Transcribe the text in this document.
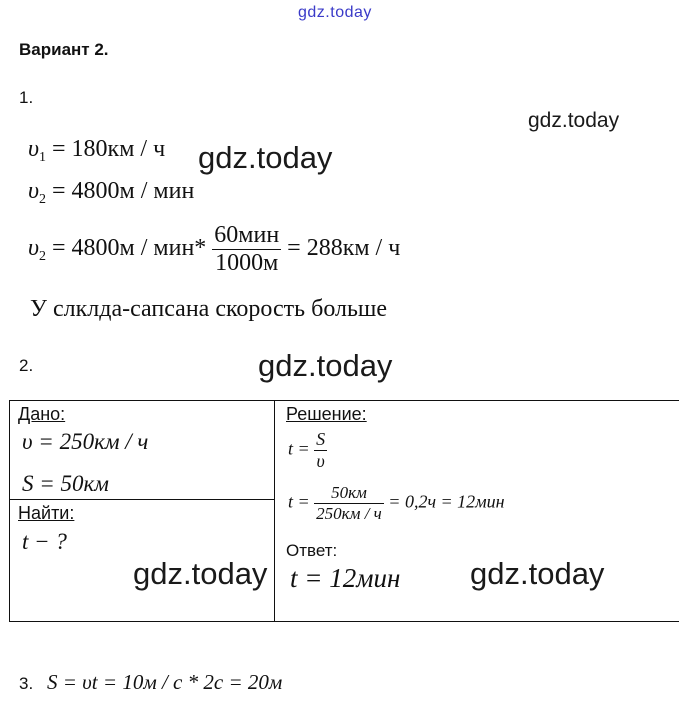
gdz.today
Вариант 2.
1.
gdz.today
$\upsilon_1 = 180км / ч$ gdz.today
$\upsilon_2 = 4800м$ / мин
$\upsilon_2 = 4800м / мин* \frac{\text{60мин}}{1000м} = 288км / ч$
У слклда-сапсана скорость больше
2.	gdz.today
Дано:
υ = 250км / ч
S = 50км
Найти:
t − ?
Решение:
$t = \frac{S}{\upsilon}$
$t = \frac{50км}{250км / ч} = 0,2ч = 12мин$
Ответ:
t = 12мин
gdz.today	gdz.today
3. S = υt = 10м / с * 2с = 20м
